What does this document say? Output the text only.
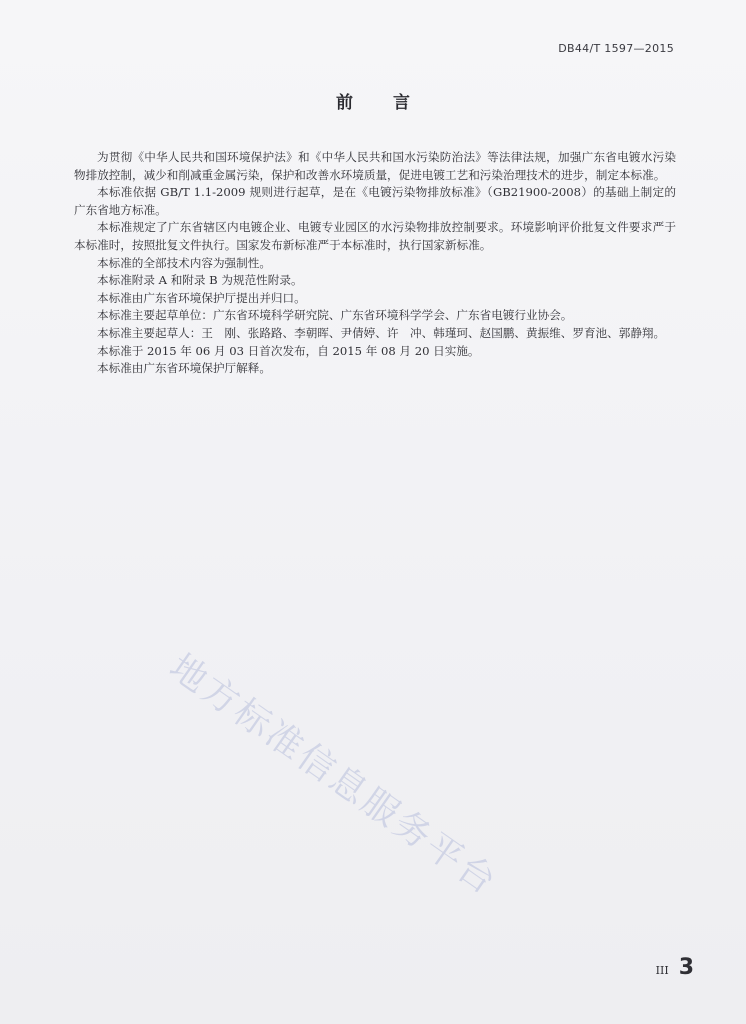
DB44/T 1597—2015
前 言

为贯彻《中华人民共和国环境保护法》和《中华人民共和国水污染防治法》等法律法规，加强广东省电镀水污染物排放控制，减少和削减重金属污染，保护和改善水环境质量，促进电镀工艺和污染治理技术的进步，制定本标准。

本标准依据 GB/T 1.1-2009 规则进行起草，是在《电镀污染物排放标准》（GB21900-2008）的基础上制定的广东省地方标准。

本标准规定了广东省辖区内电镀企业、电镀专业园区的水污染物排放控制要求。环境影响评价批复文件要求严于本标准时，按照批复文件执行。国家发布新标准严于本标准时，执行国家新标准。

本标准的全部技术内容为强制性。

本标准附录 A 和附录 B 为规范性附录。

本标准由广东省环境保护厅提出并归口。

本标准主要起草单位：广东省环境科学研究院、广东省环境科学学会、广东省电镀行业协会。

本标准主要起草人：王　刚、张路路、李朝晖、尹倩婷、许　冲、韩瑾珂、赵国鹏、黄振维、罗育池、郭静翔。

本标准于 2015 年 06 月 03 日首次发布，自 2015 年 08 月 20 日实施。

本标准由广东省环境保护厅解释。

地方标准信息服务平台
III 3
